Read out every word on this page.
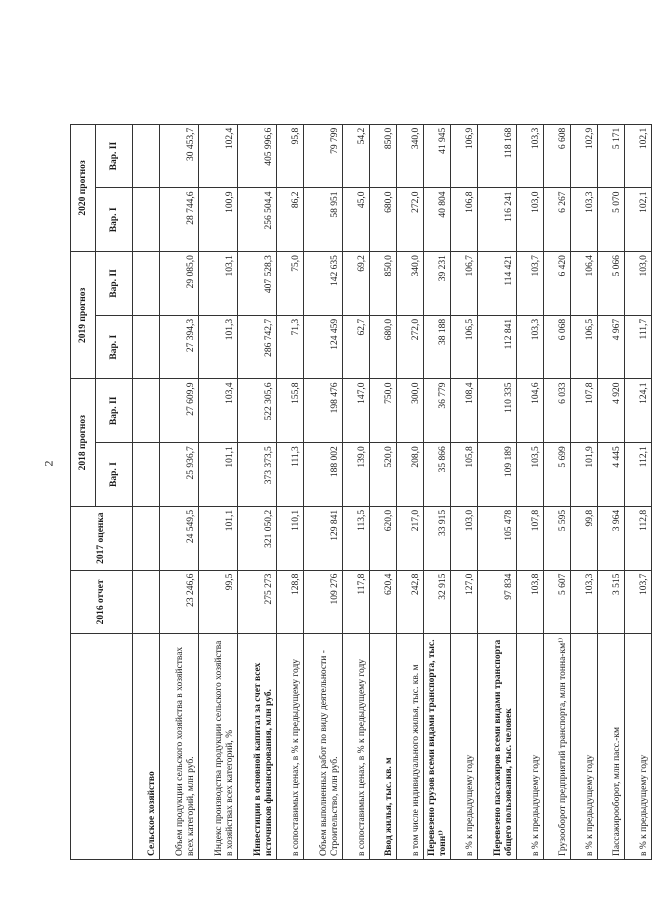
2
	2016 отчет	2017 оценка	2018 прогноз		2019 прогноз		2020 прогноз	
			Вар. I	Вар. II	Вар. I	Вар. II	Вар. I	Вар. II
Сельское хозяйство								
Объем продукции сельского хозяйства в хозяйствах всех категорий, млн руб.	23 246,6	24 549,5	25 936,7	27 609,9	27 394,3	29 085,0	28 744,6	30 453,7
Индекс производства продукции сельского хозяйства в хозяйствах всех категорий, %	99,5	101,1	101,1	103,4	101,3	103,1	100,9	102,4
Инвестиции в основной капитал за счет всех источников финансирования, млн руб.	275 273	321 050,2	373 373,5	522 305,6	286 742,7	407 528,3	256 504,4	405 996,6
в сопоставимых ценах, в % к предыдущему году	128,8	110,1	111,3	155,8	71,3	75,0	86,2	95,8
Объем выполненных работ по виду деятельности - Строительство, млн руб.	109 276	129 841	188 002	198 476	124 459	142 635	58 951	79 799
в сопоставимых ценах, в % к предыдущему году	117,8	113,5	139,0	147,0	62,7	69,2	45,0	54,2
Ввод жилья, тыс. кв. м	620,4	620,0	520,0	750,0	680,0	850,0	680,0	850,0
в том числе индивидуального жилья, тыс. кв. м	242,8	217,0	208,0	300,0	272,0	340,0	272,0	340,0
Перевезено грузов всеми видами транспорта, тыс. тонн¹⁾	32 915	33 915	35 866	36 779	38 188	39 231	40 804	41 945
в % к предыдущему году	127,0	103,0	105,8	108,4	106,5	106,7	106,8	106,9
Перевезено пассажиров всеми видами транспорта общего пользования, тыс. человек	97 834	105 478	109 189	110 335	112 841	114 421	116 241	118 168
в % к предыдущему году	103,8	107,8	103,5	104,6	103,3	103,7	103,0	103,3
Грузооборот предприятий транспорта, млн тонна-км¹⁾	5 607	5 595	5 699	6 033	6 068	6 420	6 267	6 608
в % к предыдущему году	103,3	99,8	101,9	107,8	106,5	106,4	103,3	102,9
Пассажирооборот, млн пасс.-км	3 515	3 964	4 445	4 920	4 967	5 066	5 070	5 171
в % к предыдущему году	103,7	112,8	112,1	124,1	111,7	103,0	102,1	102,1
